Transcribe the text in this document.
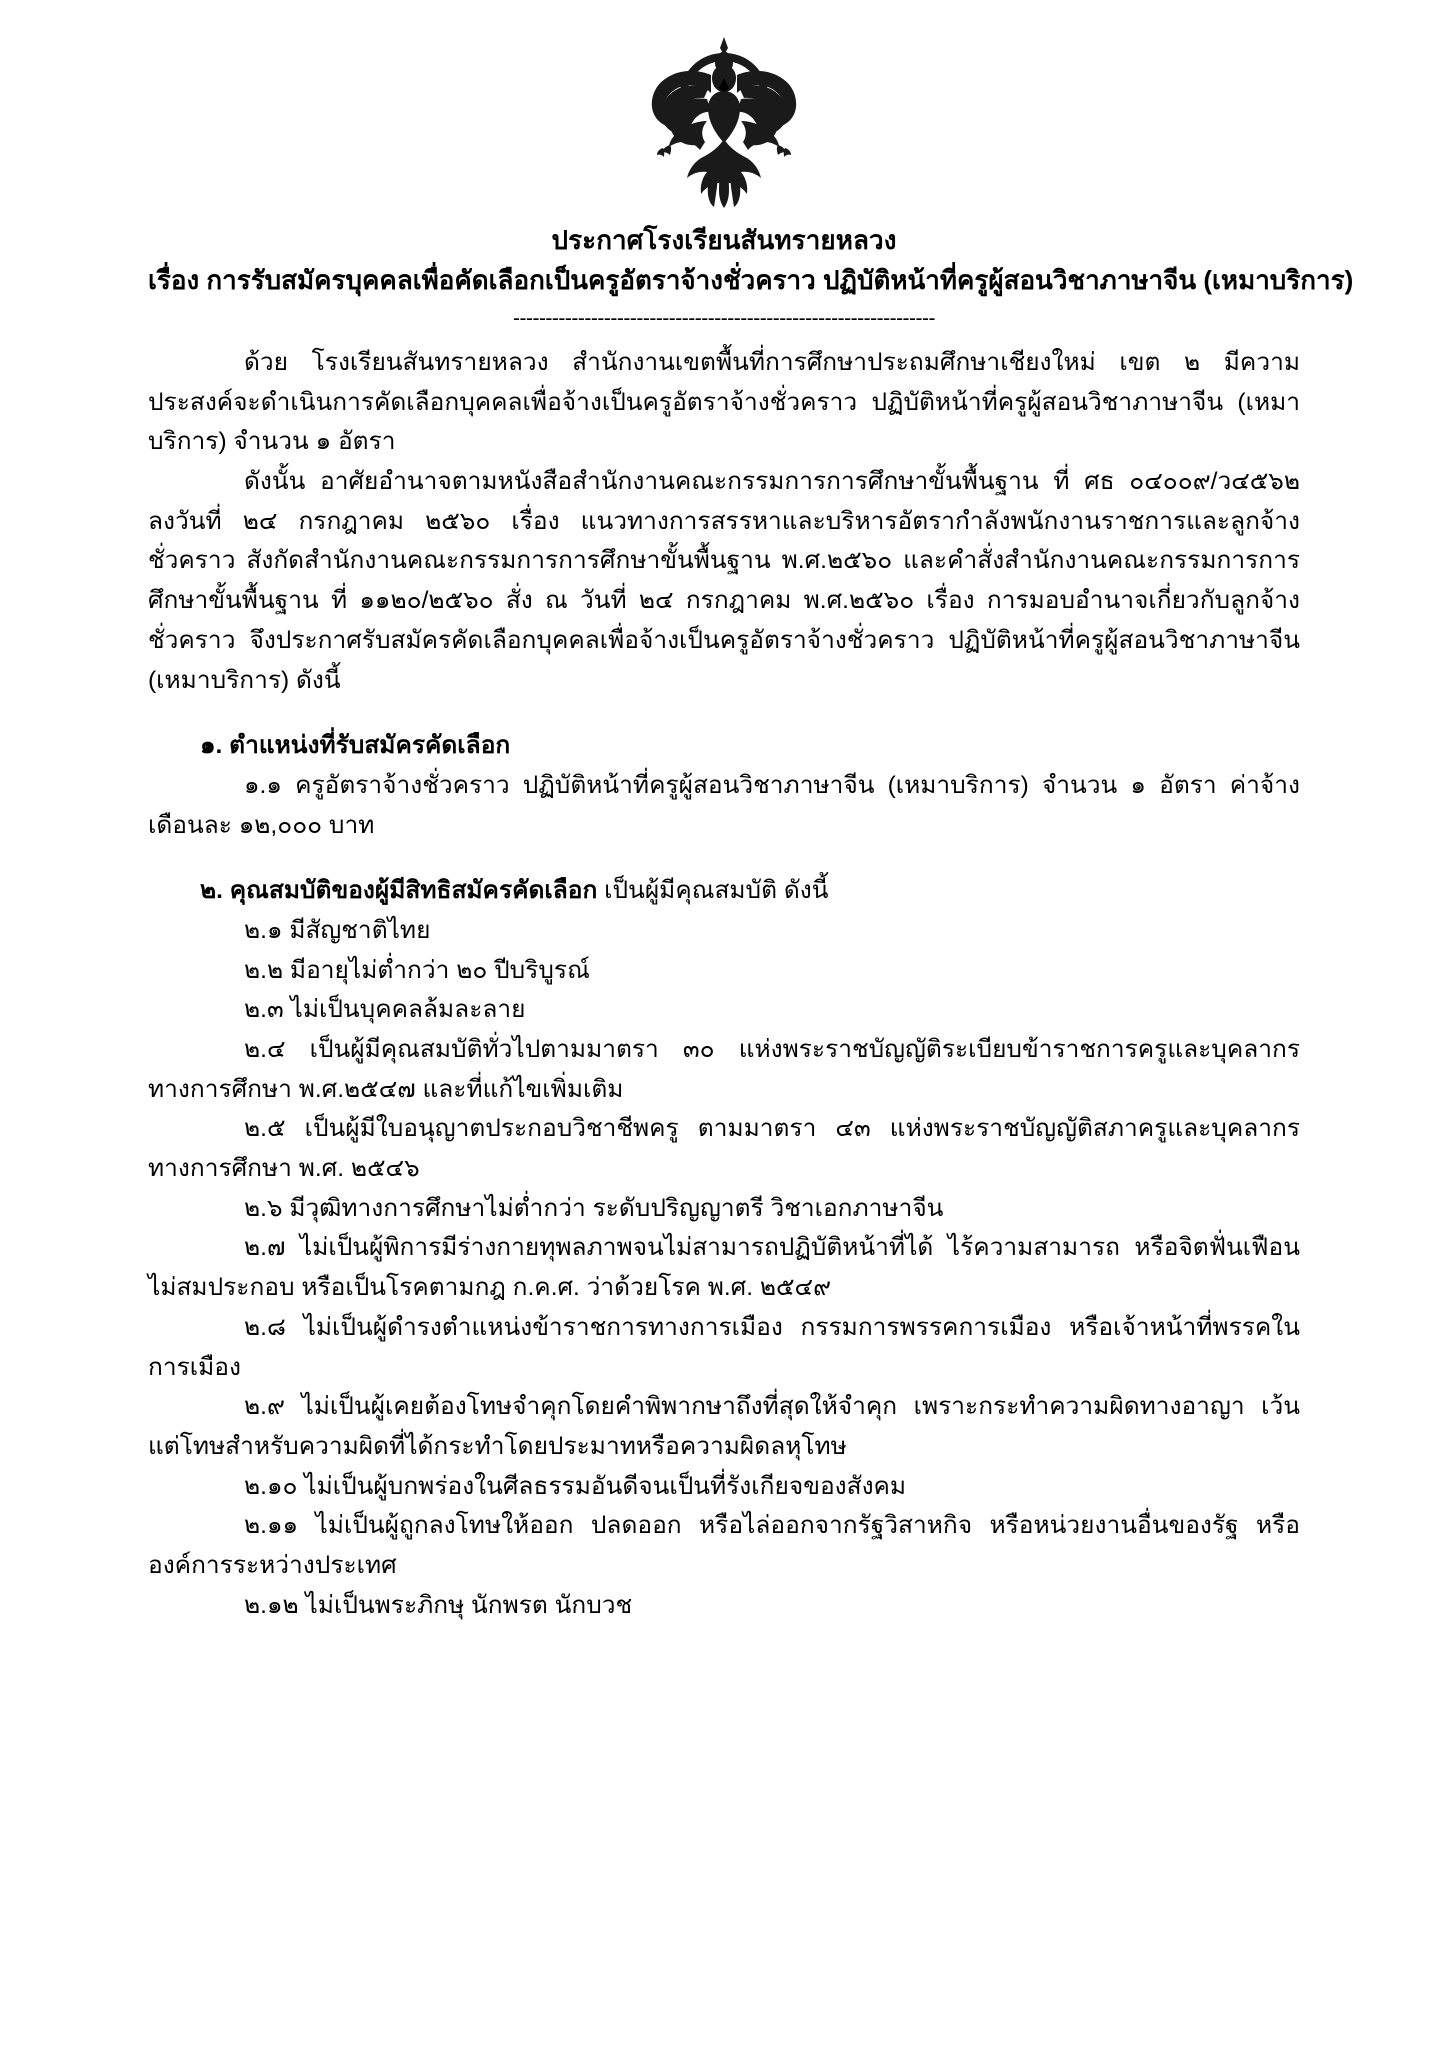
ประกาศโรงเรียนสันทรายหลวง
เรื่อง การรับสมัครบุคคลเพื่อคัดเลือกเป็นครูอัตราจ้างชั่วคราว ปฏิบัติหน้าที่ครูผู้สอนวิชาภาษาจีน (เหมาบริการ)
-----------------------------------------------------------------

ด้วย โรงเรียนสันทรายหลวง สำนักงานเขตพื้นที่การศึกษาประถมศึกษาเชียงใหม่ เขต ๒ มีความประสงค์จะดำเนินการคัดเลือกบุคคลเพื่อจ้างเป็นครูอัตราจ้างชั่วคราว ปฏิบัติหน้าที่ครูผู้สอนวิชาภาษาจีน (เหมาบริการ) จำนวน ๑ อัตรา

ดังนั้น อาศัยอำนาจตามหนังสือสำนักงานคณะกรรมการการศึกษาขั้นพื้นฐาน ที่ ศธ ๐๔๐๐๙/ว๔๕๖๒ ลงวันที่ ๒๔ กรกฎาคม ๒๕๖๐ เรื่อง แนวทางการสรรหาและบริหารอัตรากำลังพนักงานราชการและลูกจ้างชั่วคราว สังกัดสำนักงานคณะกรรมการการศึกษาขั้นพื้นฐาน พ.ศ.๒๕๖๐ และคำสั่งสำนักงานคณะกรรมการการศึกษาขั้นพื้นฐาน ที่ ๑๑๒๐/๒๕๖๐ สั่ง ณ วันที่ ๒๔ กรกฎาคม พ.ศ.๒๕๖๐ เรื่อง การมอบอำนาจเกี่ยวกับลูกจ้างชั่วคราว จึงประกาศรับสมัครคัดเลือกบุคคลเพื่อจ้างเป็นครูอัตราจ้างชั่วคราว ปฏิบัติหน้าที่ครูผู้สอนวิชาภาษาจีน (เหมาบริการ) ดังนี้

๑. ตำแหน่งที่รับสมัครคัดเลือก

๑.๑ ครูอัตราจ้างชั่วคราว ปฏิบัติหน้าที่ครูผู้สอนวิชาภาษาจีน (เหมาบริการ) จำนวน ๑ อัตรา ค่าจ้างเดือนละ ๑๒,๐๐๐ บาท

๒. คุณสมบัติของผู้มีสิทธิสมัครคัดเลือก เป็นผู้มีคุณสมบัติ ดังนี้

๒.๑ มีสัญชาติไทย

๒.๒ มีอายุไม่ต่ำกว่า ๒๐ ปีบริบูรณ์

๒.๓ ไม่เป็นบุคคลล้มละลาย

๒.๔ เป็นผู้มีคุณสมบัติทั่วไปตามมาตรา ๓๐ แห่งพระราชบัญญัติระเบียบข้าราชการครูและบุคลากรทางการศึกษา พ.ศ.๒๕๔๗ และที่แก้ไขเพิ่มเติม

๒.๕ เป็นผู้มีใบอนุญาตประกอบวิชาชีพครู ตามมาตรา ๔๓ แห่งพระราชบัญญัติสภาครูและบุคลากรทางการศึกษา พ.ศ. ๒๕๔๖

๒.๖ มีวุฒิทางการศึกษาไม่ต่ำกว่า ระดับปริญญาตรี วิชาเอกภาษาจีน

๒.๗ ไม่เป็นผู้พิการมีร่างกายทุพลภาพจนไม่สามารถปฏิบัติหน้าที่ได้ ไร้ความสามารถ หรือจิตฟั่นเฟือน ไม่สมประกอบ หรือเป็นโรคตามกฎ ก.ค.ศ. ว่าด้วยโรค พ.ศ. ๒๕๔๙

๒.๘ ไม่เป็นผู้ดำรงตำแหน่งข้าราชการทางการเมือง กรรมการพรรคการเมือง หรือเจ้าหน้าที่พรรคในการเมือง

๒.๙ ไม่เป็นผู้เคยต้องโทษจำคุกโดยคำพิพากษาถึงที่สุดให้จำคุก เพราะกระทำความผิดทางอาญา เว้นแต่โทษสำหรับความผิดที่ได้กระทำโดยประมาทหรือความผิดลหุโทษ

๒.๑๐ ไม่เป็นผู้บกพร่องในศีลธรรมอันดีจนเป็นที่รังเกียจของสังคม

๒.๑๑ ไม่เป็นผู้ถูกลงโทษให้ออก ปลดออก หรือไล่ออกจากรัฐวิสาหกิจ หรือหน่วยงานอื่นของรัฐ หรือองค์การระหว่างประเทศ

๒.๑๒ ไม่เป็นพระภิกษุ นักพรต นักบวช
